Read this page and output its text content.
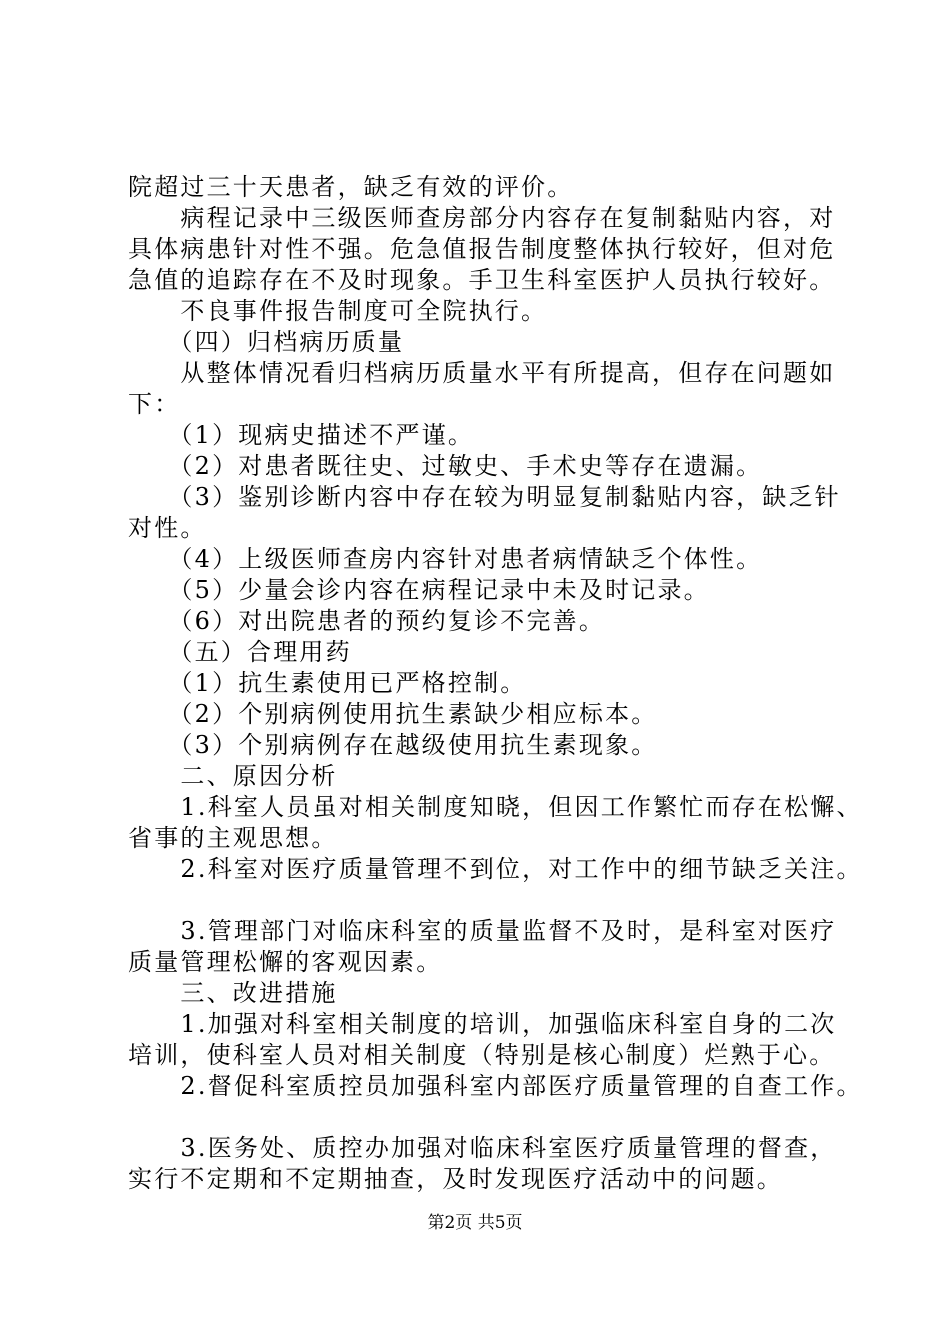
院超过三十天患者，缺乏有效的评价。
　　病程记录中三级医师查房部分内容存在复制黏贴内容，对
具体病患针对性不强。危急值报告制度整体执行较好，但对危
急值的追踪存在不及时现象。手卫生科室医护人员执行较好。
　　不良事件报告制度可全院执行。
　　（四）归档病历质量
　　从整体情况看归档病历质量水平有所提高，但存在问题如
下：
　　（1）现病史描述不严谨。
　　（2）对患者既往史、过敏史、手术史等存在遗漏。
　　（3）鉴别诊断内容中存在较为明显复制黏贴内容，缺乏针
对性。
　　（4）上级医师查房内容针对患者病情缺乏个体性。
　　（5）少量会诊内容在病程记录中未及时记录。
　　（6）对出院患者的预约复诊不完善。
　　（五）合理用药
　　（1）抗生素使用已严格控制。
　　（2）个别病例使用抗生素缺少相应标本。
　　（3）个别病例存在越级使用抗生素现象。
　　二、原因分析
　　1.科室人员虽对相关制度知晓，但因工作繁忙而存在松懈、
省事的主观思想。
　　2.科室对医疗质量管理不到位，对工作中的细节缺乏关注。
　　3.管理部门对临床科室的质量监督不及时，是科室对医疗
质量管理松懈的客观因素。
　　三、改进措施
　　1.加强对科室相关制度的培训，加强临床科室自身的二次
培训，使科室人员对相关制度（特别是核心制度）烂熟于心。
　　2.督促科室质控员加强科室内部医疗质量管理的自查工作。
　　3.医务处、质控办加强对临床科室医疗质量管理的督查，
实行不定期和不定期抽查，及时发现医疗活动中的问题。
第2页 共5页
